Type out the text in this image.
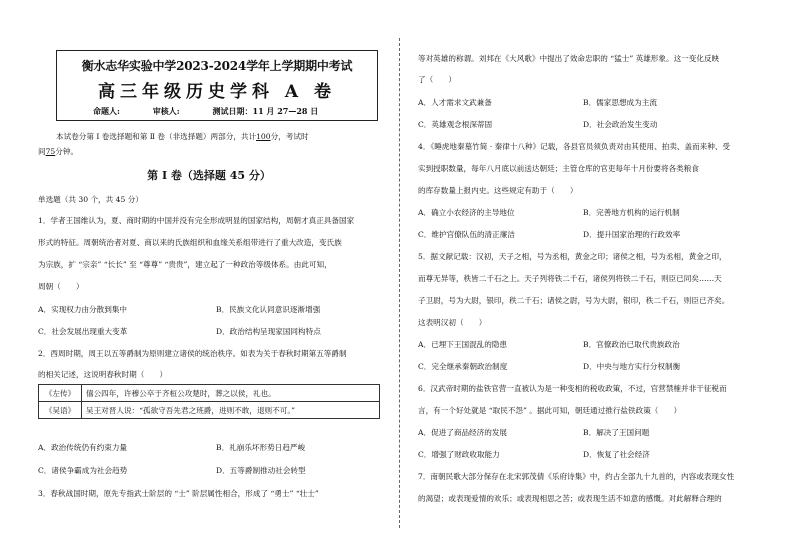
衡水志华实验中学2023-2024学年上学期期中考试
高三年级历史学科 A 卷
命题人:	审核人:	测试日期：11 月 27—28 日
本试卷分第 Ⅰ 卷选择题和第 Ⅱ 卷（非选择题）两部分，共计100分，考试时
间75分钟。
第 Ⅰ 卷（选择题 45 分）
单选题（共 30 个，共 45 分）
1．学者王国维认为，夏、商时期的中国并没有完全形成明显的国家结构，周朝才真正具备国家
形式的特征。周朝统治者对夏、商以来的氏族组织和血缘关系组带进行了重大改造，变氏族
为宗族，扩 “宗亲” “长长” 至 “尊尊” “贵贵”，建立起了一种政治等级体系。由此可知，
周朝（　　）
A．实现权力由分散到集中	B．民族文化认同意识逐渐增强
C．社会发展出现重大变革	D．政治结构呈现家国同构特点
2．西周时期，周王以五等爵制为原则建立诸侯的统治秩序。如表为关于春秋时期第五等爵制
的相关记述，这说明春秋时期（　　）
《左传》	僖公四年，许穆公卒于齐桓公攻楚时，葬之以侯，礼也。
《吴语》	吴王对晋人说：“孤欲守吾先君之班爵，进则不敢，退则不可。”
A．政治传统仍有约束力量	B．礼崩乐坏形势日趋严峻
C．诸侯争霸成为社会趋势	D．五等爵制推动社会转型
3．春秋战国时期，原先专指武士阶层的 “士” 阶层属性相合，形成了 “勇士” “壮士”
等对英雄的称谓。刘邦在《大风歌》中提出了效命忠职的 “猛士” 英雄形象。这一变化反映
了（　　）
A．人才需求文武兼备	B．儒家思想成为主流
C．英雄观念根深蒂固	D．社会政治发生变动
4．《睡虎地秦墓竹简 · 秦律十八种》记载，各县官员须负责对由其使用、拍卖、盖而来种、受
实到授职数量，每年八月底以前送达朝廷；主管仓库的官吏每年十月份要将各类粮食
的库存数量上报内史。这些规定有助于（　　）
A．确立小农经济的主导地位	B．完善地方机构的运行机制
C．维护官僚队伍的清正廉洁	D．提升国家治理的行政效率
5．据文献记载：汉初，天子之相，号为丞相，黄金之印；诸侯之相，号为丞相，黄金之印，
而尊无异等，秩皆二千石之上。天子列将铁二千石，诸侯列将铁二千石，则臣已同矣……天
子卫尉，号为大尉，银印，秩二千石；诸侯之尉，号为大尉，银印，秩二千石，则臣已齐矣。
这表明汉初（　　）
A．已埋下王国混乱的隐患	B．官僚政治已取代贵族政治
C．完全继承秦朝政治制度	D．中央与地方实行分权制衡
6．汉武帝时期的盐铁官营一直被认为是一种变相的税收政策，不过，官营禁榷并非干征税而
言，有一个好处就是 “取民不怨” 。据此可知，朝廷通过推行盐铁政策（　　）
A．促进了商品经济的发展	B．解决了王国问题
C．增强了财政收取能力	D．恢复了社会经济
7．南朝民歌大部分保存在北宋郭茂倩《乐府诗集》中，约占全部九十九首的，内容或表现女性
的渴望；或表现爱情的欢乐；或表现相思之苦；或表现生活不如意的感慨。对此解释合理的
